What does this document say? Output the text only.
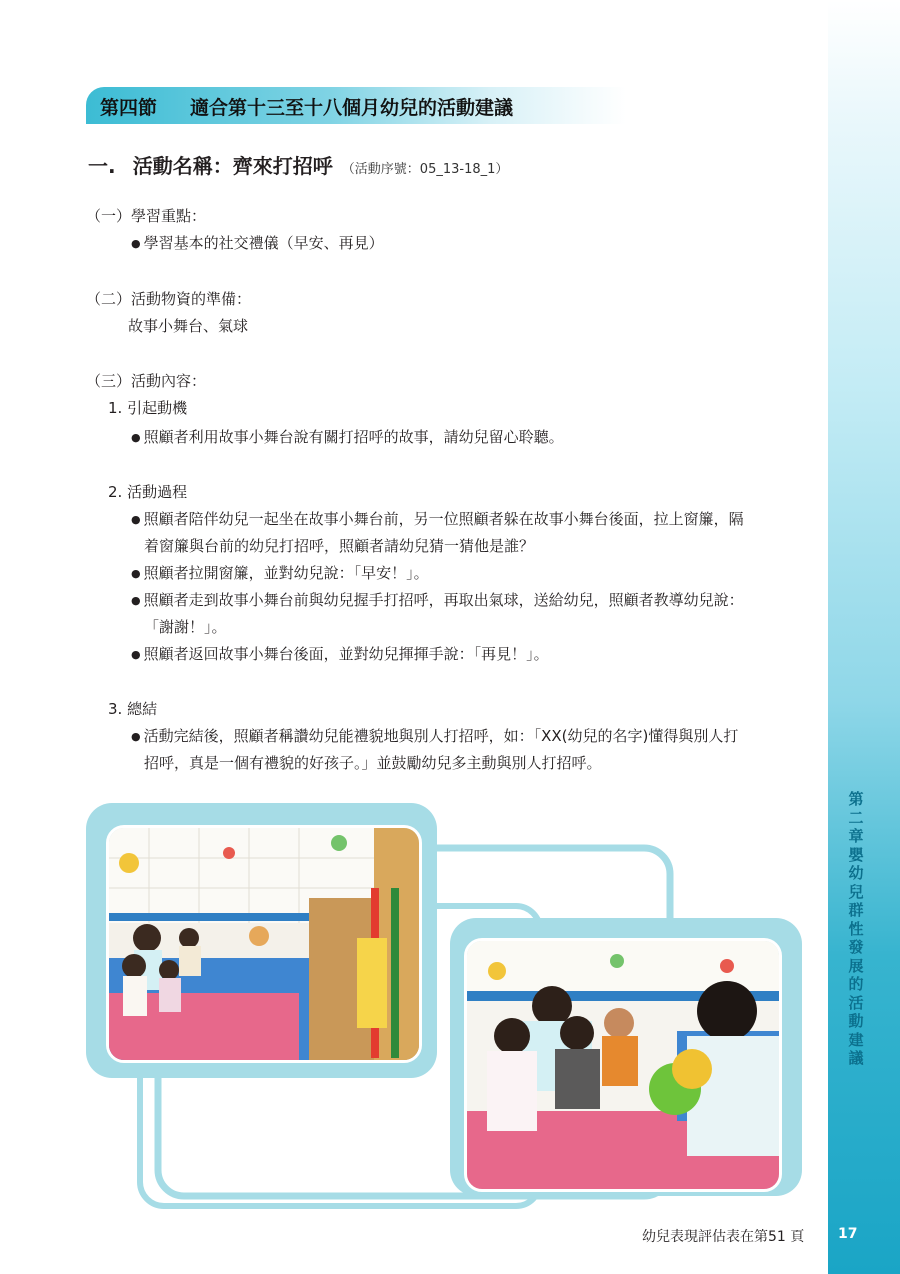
第四節 適合第十三至十八個月幼兒的活動建議
一. 活動名稱：齊來打招呼 （活動序號：05_13-18_1）
（一）學習重點：
● 學習基本的社交禮儀（早安、再見）
（二）活動物資的準備：
故事小舞台、氣球
（三）活動內容：
1. 引起動機
● 照顧者利用故事小舞台說有關打招呼的故事，請幼兒留心聆聽。
2. 活動過程
● 照顧者陪伴幼兒一起坐在故事小舞台前，另一位照顧者躲在故事小舞台後面，拉上窗簾，隔
着窗簾與台前的幼兒打招呼，照顧者請幼兒猜一猜他是誰？
● 照顧者拉開窗簾，並對幼兒說：「早安！」。
● 照顧者走到故事小舞台前與幼兒握手打招呼，再取出氣球，送給幼兒，照顧者教導幼兒說：
「謝謝！」。
● 照顧者返回故事小舞台後面，並對幼兒揮揮手說：「再見！」。
3. 總結
● 活動完結後，照顧者稱讚幼兒能禮貌地與別人打招呼，如：「XX(幼兒的名字)懂得與別人打
招呼，真是一個有禮貌的好孩子。」並鼓勵幼兒多主動與別人打招呼。
第二章 嬰幼兒群性發展的活動建議
幼兒表現評估表在第51 頁 17
